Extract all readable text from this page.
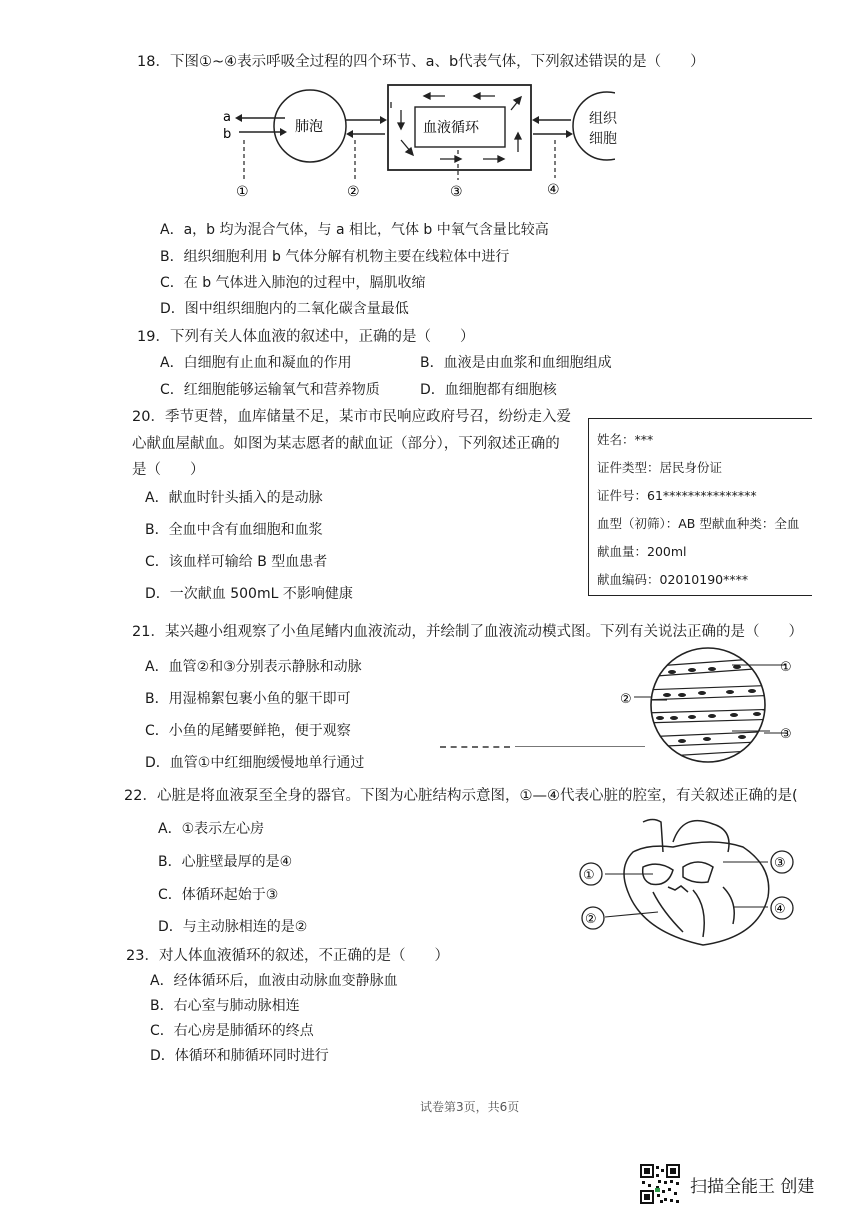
18．下图①~④表示呼吸全过程的四个环节、a、b代表气体，下列叙述错误的是（　　）
a
b	肺泡	血液循环
①	②	③	④
组织
细胞
A．a，b 均为混合气体，与 a 相比，气体 b 中氧气含量比较高
B．组织细胞利用 b 气体分解有机物主要在线粒体中进行
C．在 b 气体进入肺泡的过程中，膈肌收缩
D．图中组织细胞内的二氧化碳含量最低
19．下列有关人体血液的叙述中，正确的是（　　）
A．白细胞有止血和凝血的作用	B．血液是由血浆和血细胞组成
C．红细胞能够运输氧气和营养物质	D．血细胞都有细胞核
20．季节更替，血库储量不足，某市市民响应政府号召，纷纷走入爱
心献血屋献血。如图为某志愿者的献血证（部分），下列叙述正确的
是（　　）
A．献血时针头插入的是动脉
B．全血中含有血细胞和血浆
C．该血样可输给 B 型血患者
D．一次献血 500mL 不影响健康
姓名：***
证件类型：居民身份证
证件号：61***************
血型（初筛）：AB 型献血种类：全血
献血量：200ml
献血编码：02010190****
21．某兴趣小组观察了小鱼尾鳍内血液流动，并绘制了血液流动模式图。下列有关说法正确的是（　　）
A．血管②和③分别表示静脉和动脉
B．用湿棉絮包裹小鱼的躯干即可
C．小鱼的尾鳍要鲜艳，便于观察
D．血管①中红细胞缓慢地单行通过
①
②
③
22．心脏是将血液泵至全身的器官。下图为心脏结构示意图，①—④代表心脏的腔室，有关叙述正确的是(
A．①表示左心房
B．心脏壁最厚的是④
C．体循环起始于③
D．与主动脉相连的是②
①
②
③
④
23．对人体血液循环的叙述，不正确的是（　　）
A．经体循环后，血液由动脉血变静脉血
B．右心室与肺动脉相连
C．右心房是肺循环的终点
D．体循环和肺循环同时进行
试卷第3页，共6页
扫描全能王 创建
